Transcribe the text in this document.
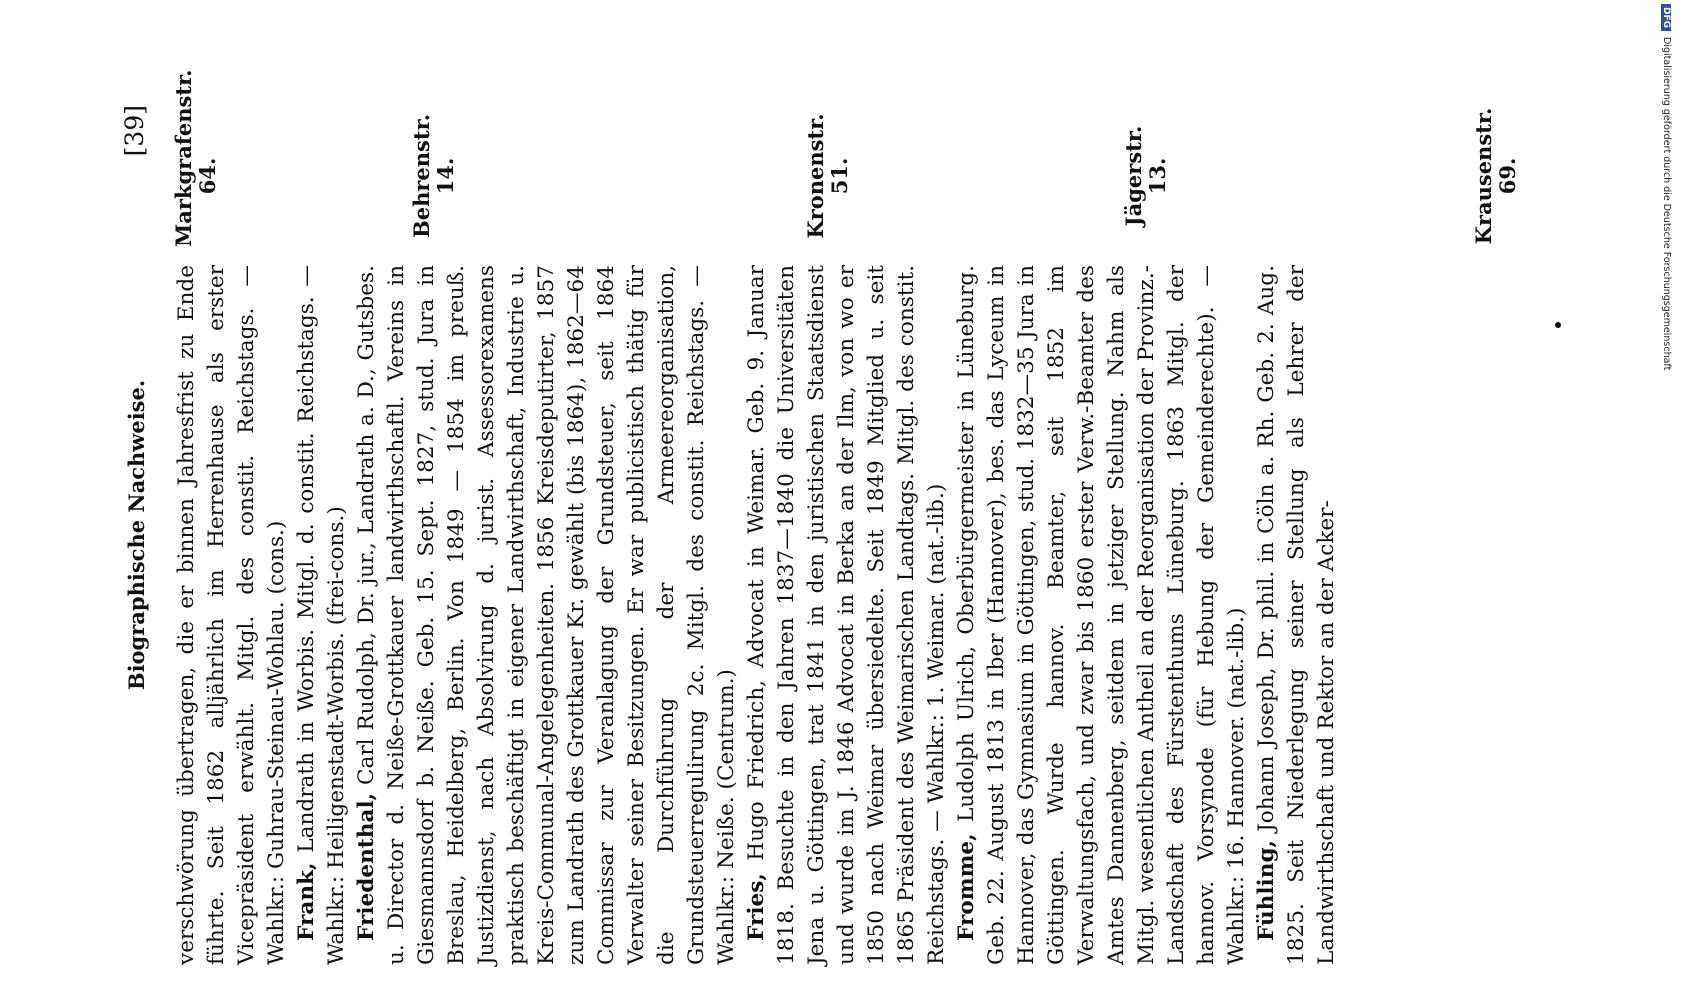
Biographische Nachweise.
[39]

verschwörung übertragen, die er binnen Jahresfrist zu Ende führte. Seit 1862 alljährlich im Herrenhause als erster Vicepräsident erwählt. Mitgl. des constit. Reichstags. — Wahlkr.: Guhrau-Steinau-Wohlau. (cons.) Frank, Landrath in Worbis. Mitgl. d. constit. Reichstags. — Wahlkr.: Heiligenstadt-Worbis. (frei-cons.) Friedenthal, Carl Rudolph, Dr. jur., Landrath a. D., Gutsbes. u. Director d. Neiße-Grottkauer landwirthschaftl. Vereins in Giesmannsdorf b. Neiße. Geb. 15. Sept. 1827, stud. Jura in Breslau, Heidelberg, Berlin. Von 1849 — 1854 im preuß. Justizdienst, nach Absolvirung d. jurist. Assessorexamens praktisch beschäftigt in eigener Landwirthschaft, Industrie u. Kreis-Communal-Angelegenheiten. 1856 Kreisdeputirter, 1857 zum Landrath des Grottkauer Kr. gewählt (bis 1864), 1862—64 Commissar zur Veranlagung der Grundsteuer, seit 1864 Verwalter seiner Besitzungen. Er war publicistisch thätig für die Durchführung der Armeereorganisation, Grundsteuerregulirung 2c. Mitgl. des constit. Reichstags. — Wahlkr.: Neiße. (Centrum.) Fries, Hugo Friedrich, Advocat in Weimar. Geb. 9. Januar 1818. Besuchte in den Jahren 1837—1840 die Universitäten Jena u. Göttingen, trat 1841 in den juristischen Staatsdienst und wurde im J. 1846 Advocat in Berka an der Ilm, von wo er 1850 nach Weimar übersiedelte. Seit 1849 Mitglied u. seit 1865 Präsident des Weimarischen Landtags. Mitgl. des constit. Reichstags. — Wahlkr.: 1. Weimar. (nat.-lib.) Fromme, Ludolph Ulrich, Oberbürgermeister in Lüneburg. Geb. 22. August 1813 in Iber (Hannover), bes. das Lyceum in Hannover, das Gymnasium in Göttingen, stud. 1832—35 Jura in Göttingen. Wurde hannov. Beamter, seit 1852 im Verwaltungsfach, und zwar bis 1860 erster Verw.-Beamter des Amtes Dannenberg, seitdem in jetziger Stellung. Nahm als Mitgl. wesentlichen Antheil an der Reorganisation der Provinz.-Landschaft des Fürstenthums Lüneburg. 1863 Mitgl. der hannov. Vorsynode (für Hebung der Gemeinderechte). — Wahlkr.: 16. Hannover. (nat.-lib.) Fühling, Johann Joseph, Dr. phil. in Cöln a. Rh. Geb. 2. Aug. 1825. Seit Niederlegung seiner Stellung als Lehrer der Landwirthschaft und Rektor an der Acker-

Markgrafenstr. 64.	Behrenstr. 14.	Kronenstr. 51.	Jägerstr. 13.	Krausenstr. 69.
DFGDigitalisierung gefördert durch die Deutsche Forschungsgemeinschaft
